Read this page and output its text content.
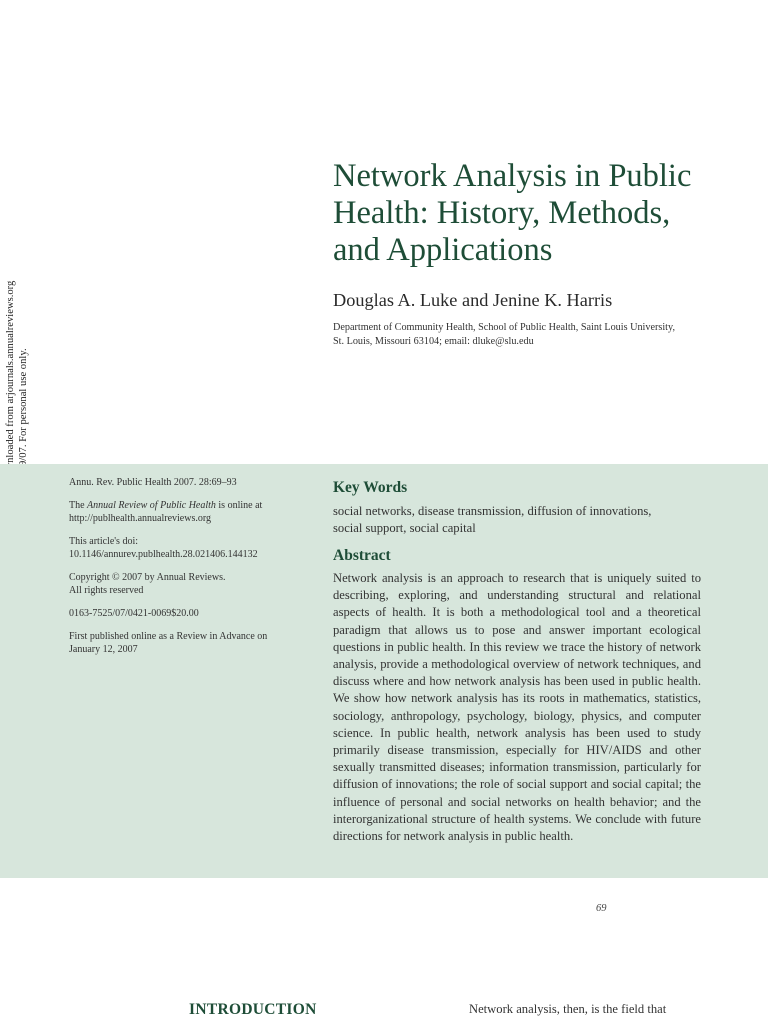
Network Analysis in Public
Health: History, Methods,
and Applications
Douglas A. Luke and Jenine K. Harris
Department of Community Health, School of Public Health, Saint Louis University,
St. Louis, Missouri 63104; email: dluke@slu.edu

Annu. Rev. Public Health 2007. 28:69–93

The Annual Review of Public Health is online at
http://publhealth.annualreviews.org

This article's doi:
10.1146/annurev.publhealth.28.021406.144132

Copyright © 2007 by Annual Reviews.
All rights reserved

0163-7525/07/0421-0069$20.00

First published online as a Review in Advance on
January 12, 2007

Key Words
social networks, disease transmission, diffusion of innovations,
social support, social capital
Abstract

Network analysis is an approach to research that is uniquely suited to describing, exploring, and understanding structural and relational aspects of health. It is both a methodological tool and a theoretical paradigm that allows us to pose and answer important ecological questions in public health. In this review we trace the history of network analysis, provide a methodological overview of network techniques, and discuss where and how network analysis has been used in public health. We show how network analysis has its roots in mathematics, statistics, sociology, anthropology, psychology, biology, physics, and computer science. In public health, network analysis has been used to study primarily disease transmission, especially for HIV/AIDS and other sexually transmitted diseases; information transmission, particularly for diffusion of innovations; the role of social support and social capital; the influence of personal and social networks on health behavior; and the interorganizational structure of health systems. We conclude with future directions for network analysis in public health.

69
INTRODUCTION	Network analysis, then, is the field that
